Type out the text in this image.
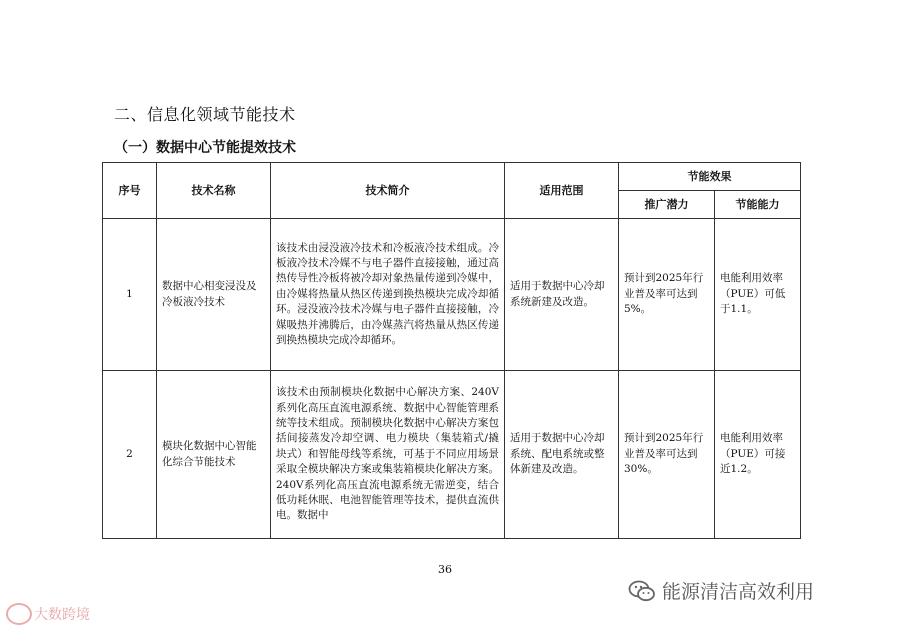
二、信息化领域节能技术
（一）数据中心节能提效技术
序号	技术名称	技术简介	适用范围	节能效果	
				推广潜力	节能能力
1	数据中心相变浸没及冷板液冷技术	该技术由浸没液冷技术和冷板液冷技术组成。冷板液冷技术冷媒不与电子器件直接接触，通过高热传导性冷板将被冷却对象热量传递到冷媒中，由冷媒将热量从热区传递到换热模块完成冷却循环。浸没液冷技术冷媒与电子器件直接接触，冷媒吸热并沸腾后，由冷媒蒸汽将热量从热区传递到换热模块完成冷却循环。	适用于数据中心冷却系统新建及改造。	预计到2025年行业普及率可达到5%。	电能利用效率（PUE）可低于1.1。
2	模块化数据中心智能化综合节能技术	该技术由预制模块化数据中心解决方案、240V系列化高压直流电源系统、数据中心智能管理系统等技术组成。预制模块化数据中心解决方案包括间接蒸发冷却空调、电力模块（集装箱式/撬块式）和智能母线等系统，可基于不同应用场景采取全模块解决方案或集装箱模块化解决方案。240V系列化高压直流电源系统无需逆变，结合低功耗休眠、电池智能管理等技术，提供直流供电。数据中	适用于数据中心冷却系统、配电系统或整体新建及改造。	预计到2025年行业普及率可达到30%。	电能利用效率（PUE）可接近1.2。
36
大数跨境
能源清洁高效利用
